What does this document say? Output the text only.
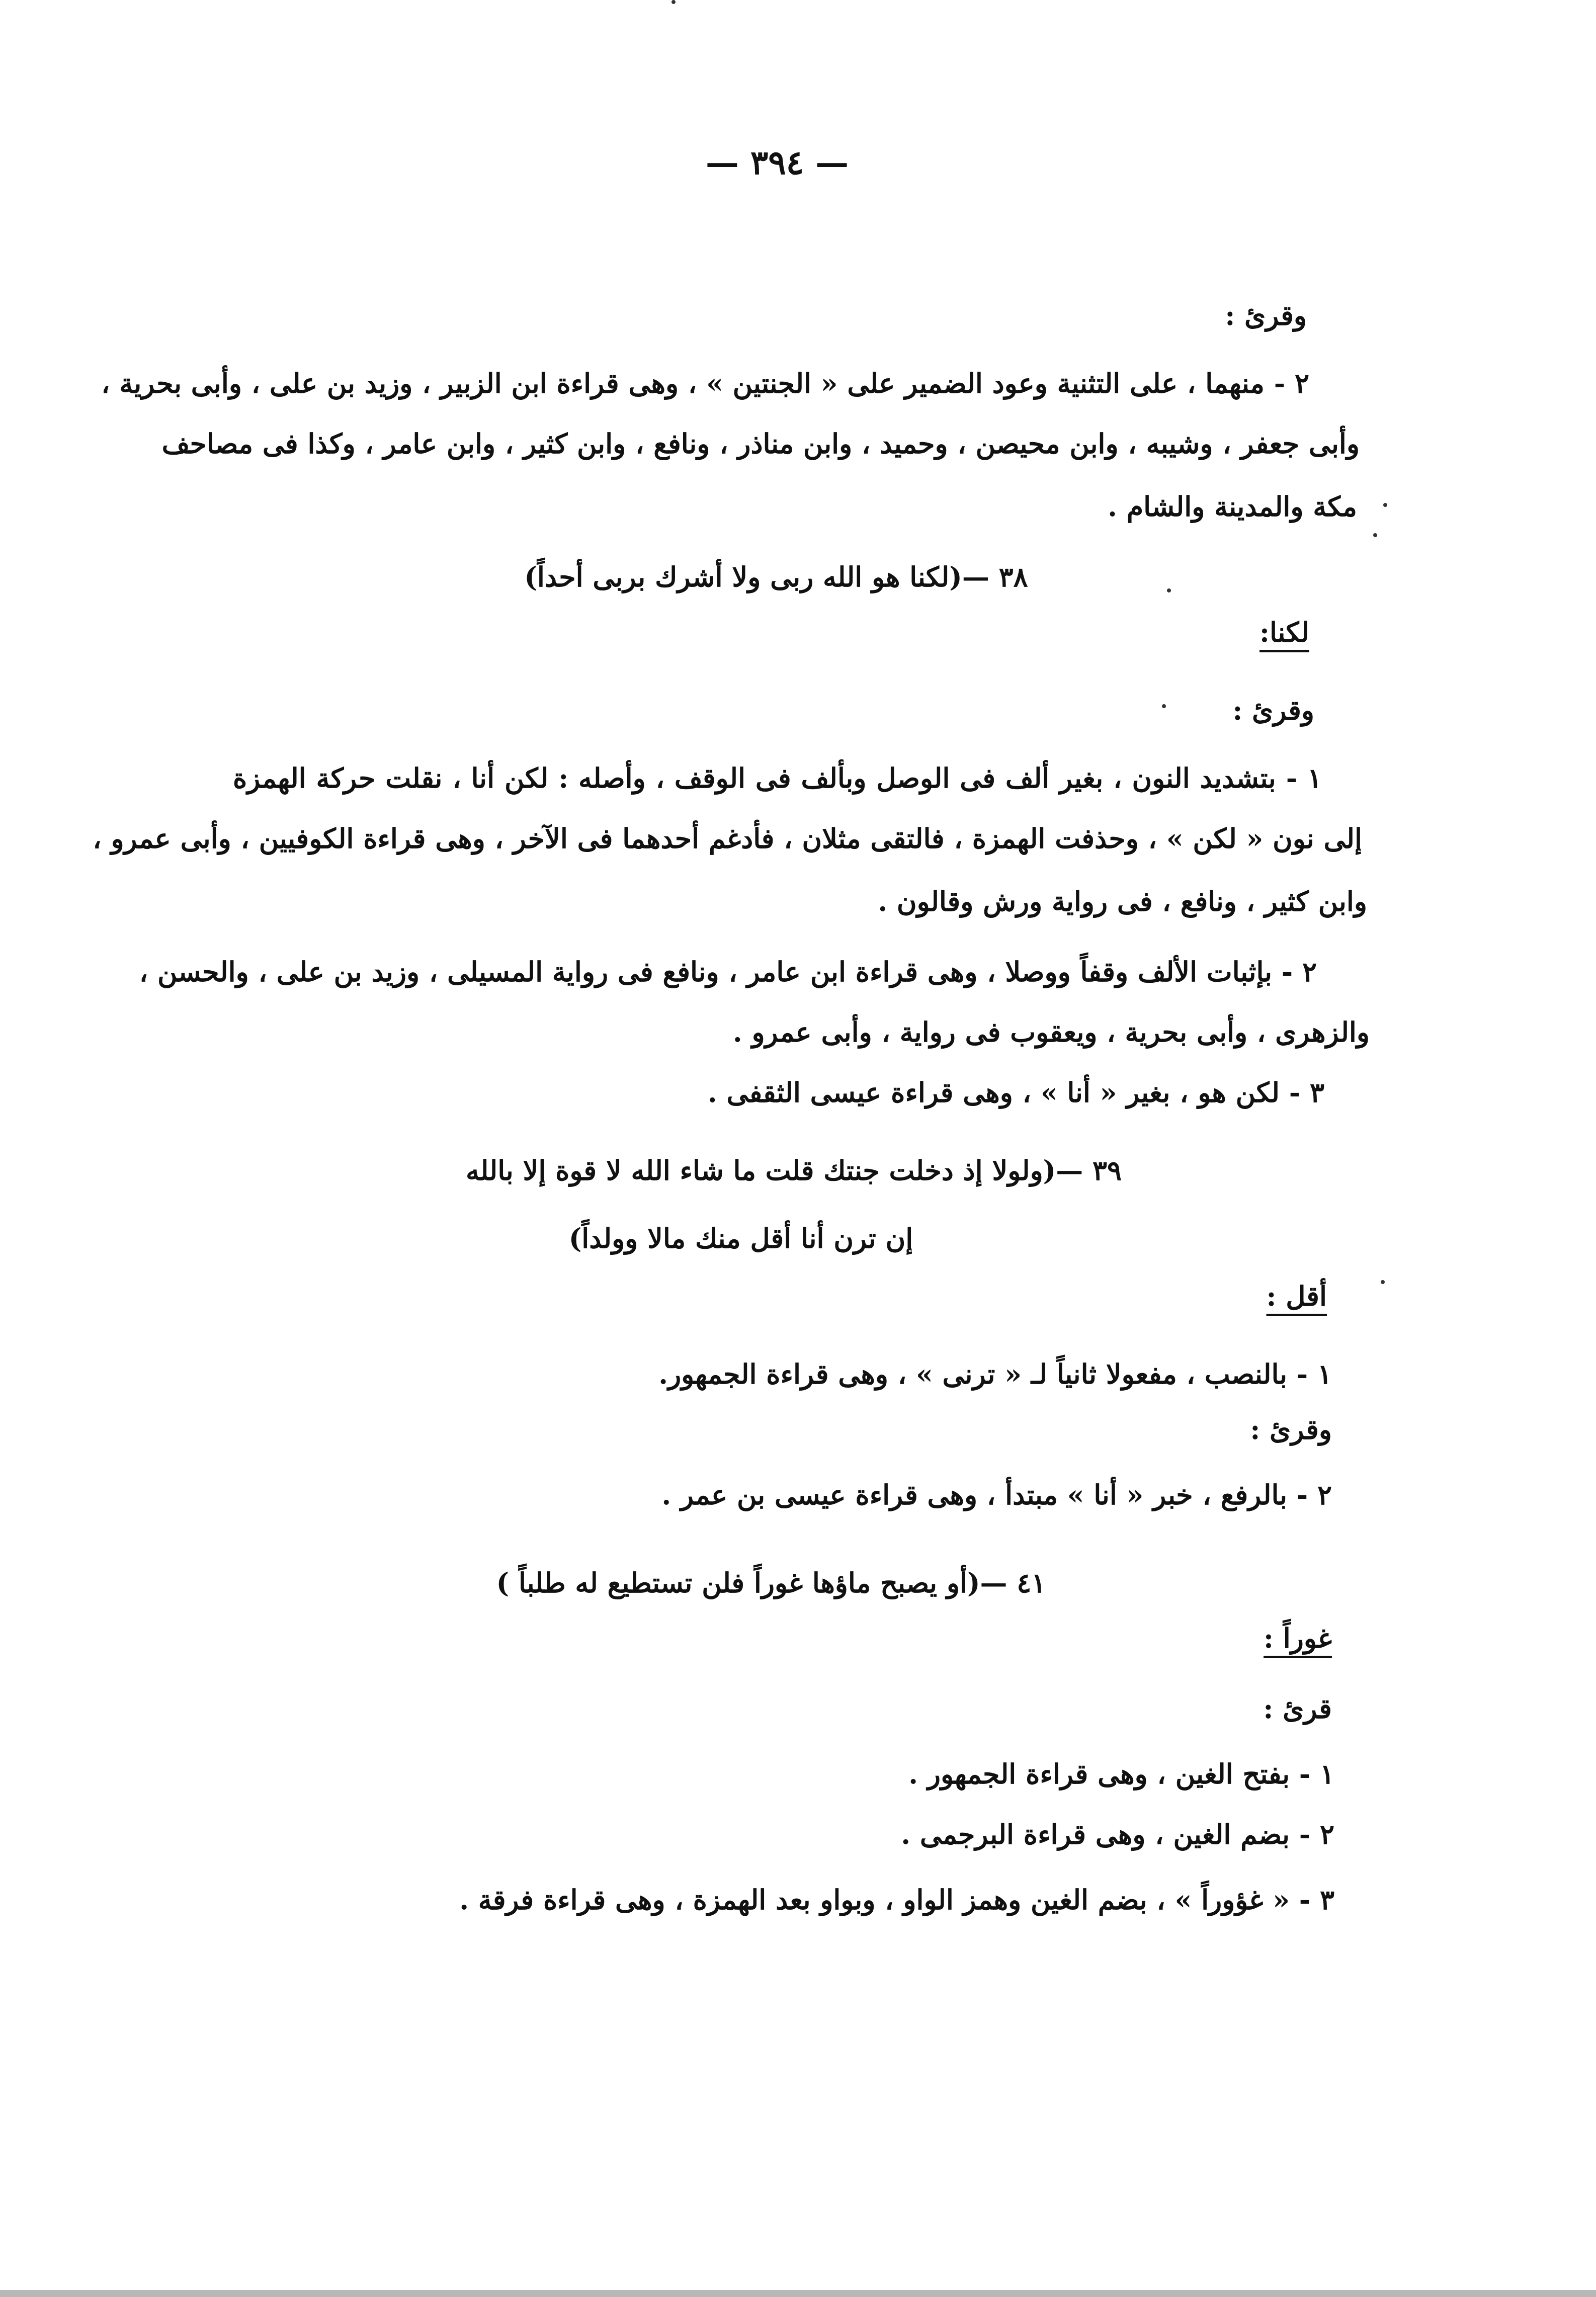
— ٣٩٤ —
وقرئ :
٢ - منهما ، على التثنية وعود الضمير على « الجنتين » ، وهى قراءة ابن الزبير ، وزيد بن على ، وأبى بحرية ،
وأبى جعفر ، وشيبه ، وابن محيصن ، وحميد ، وابن مناذر ، ونافع ، وابن كثير ، وابن عامر ، وكذا فى مصاحف
مكة والمدينة والشام .
٣٨ —(لكنا هو الله ربى ولا أشرك بربى أحداً)
لكنا:
وقرئ :
١ - بتشديد النون ، بغير ألف فى الوصل وبألف فى الوقف ، وأصله : لكن أنا ، نقلت حركة الهمزة
إلى نون « لكن » ، وحذفت الهمزة ، فالتقى مثلان ، فأدغم أحدهما فى الآخر ، وهى قراءة الكوفيين ، وأبى عمرو ،
وابن كثير ، ونافع ، فى رواية ورش وقالون .
٢ - بإثبات الألف وقفاً ووصلا ، وهى قراءة ابن عامر ، ونافع فى رواية المسيلى ، وزيد بن على ، والحسن ،
والزهرى ، وأبى بحرية ، ويعقوب فى رواية ، وأبى عمرو .
٣ - لكن هو ، بغير « أنا » ، وهى قراءة عيسى الثقفى .
٣٩ —(ولولا إذ دخلت جنتك قلت ما شاء الله لا قوة إلا بالله
إن ترن أنا أقل منك مالا وولداً)
أقل :
١ - بالنصب ، مفعولا ثانياً لـ « ترنى » ، وهى قراءة الجمهور.
وقرئ :
٢ - بالرفع ، خبر « أنا » مبتدأ ، وهى قراءة عيسى بن عمر .
٤١ —(أو يصبح ماؤها غوراً فلن تستطيع له طلباً )
غوراً :
قرئ :
١ - بفتح الغين ، وهى قراءة الجمهور .
٢ - بضم الغين ، وهى قراءة البرجمى .
٣ - « غؤوراً » ، بضم الغين وهمز الواو ، وبواو بعد الهمزة ، وهى قراءة فرقة .
